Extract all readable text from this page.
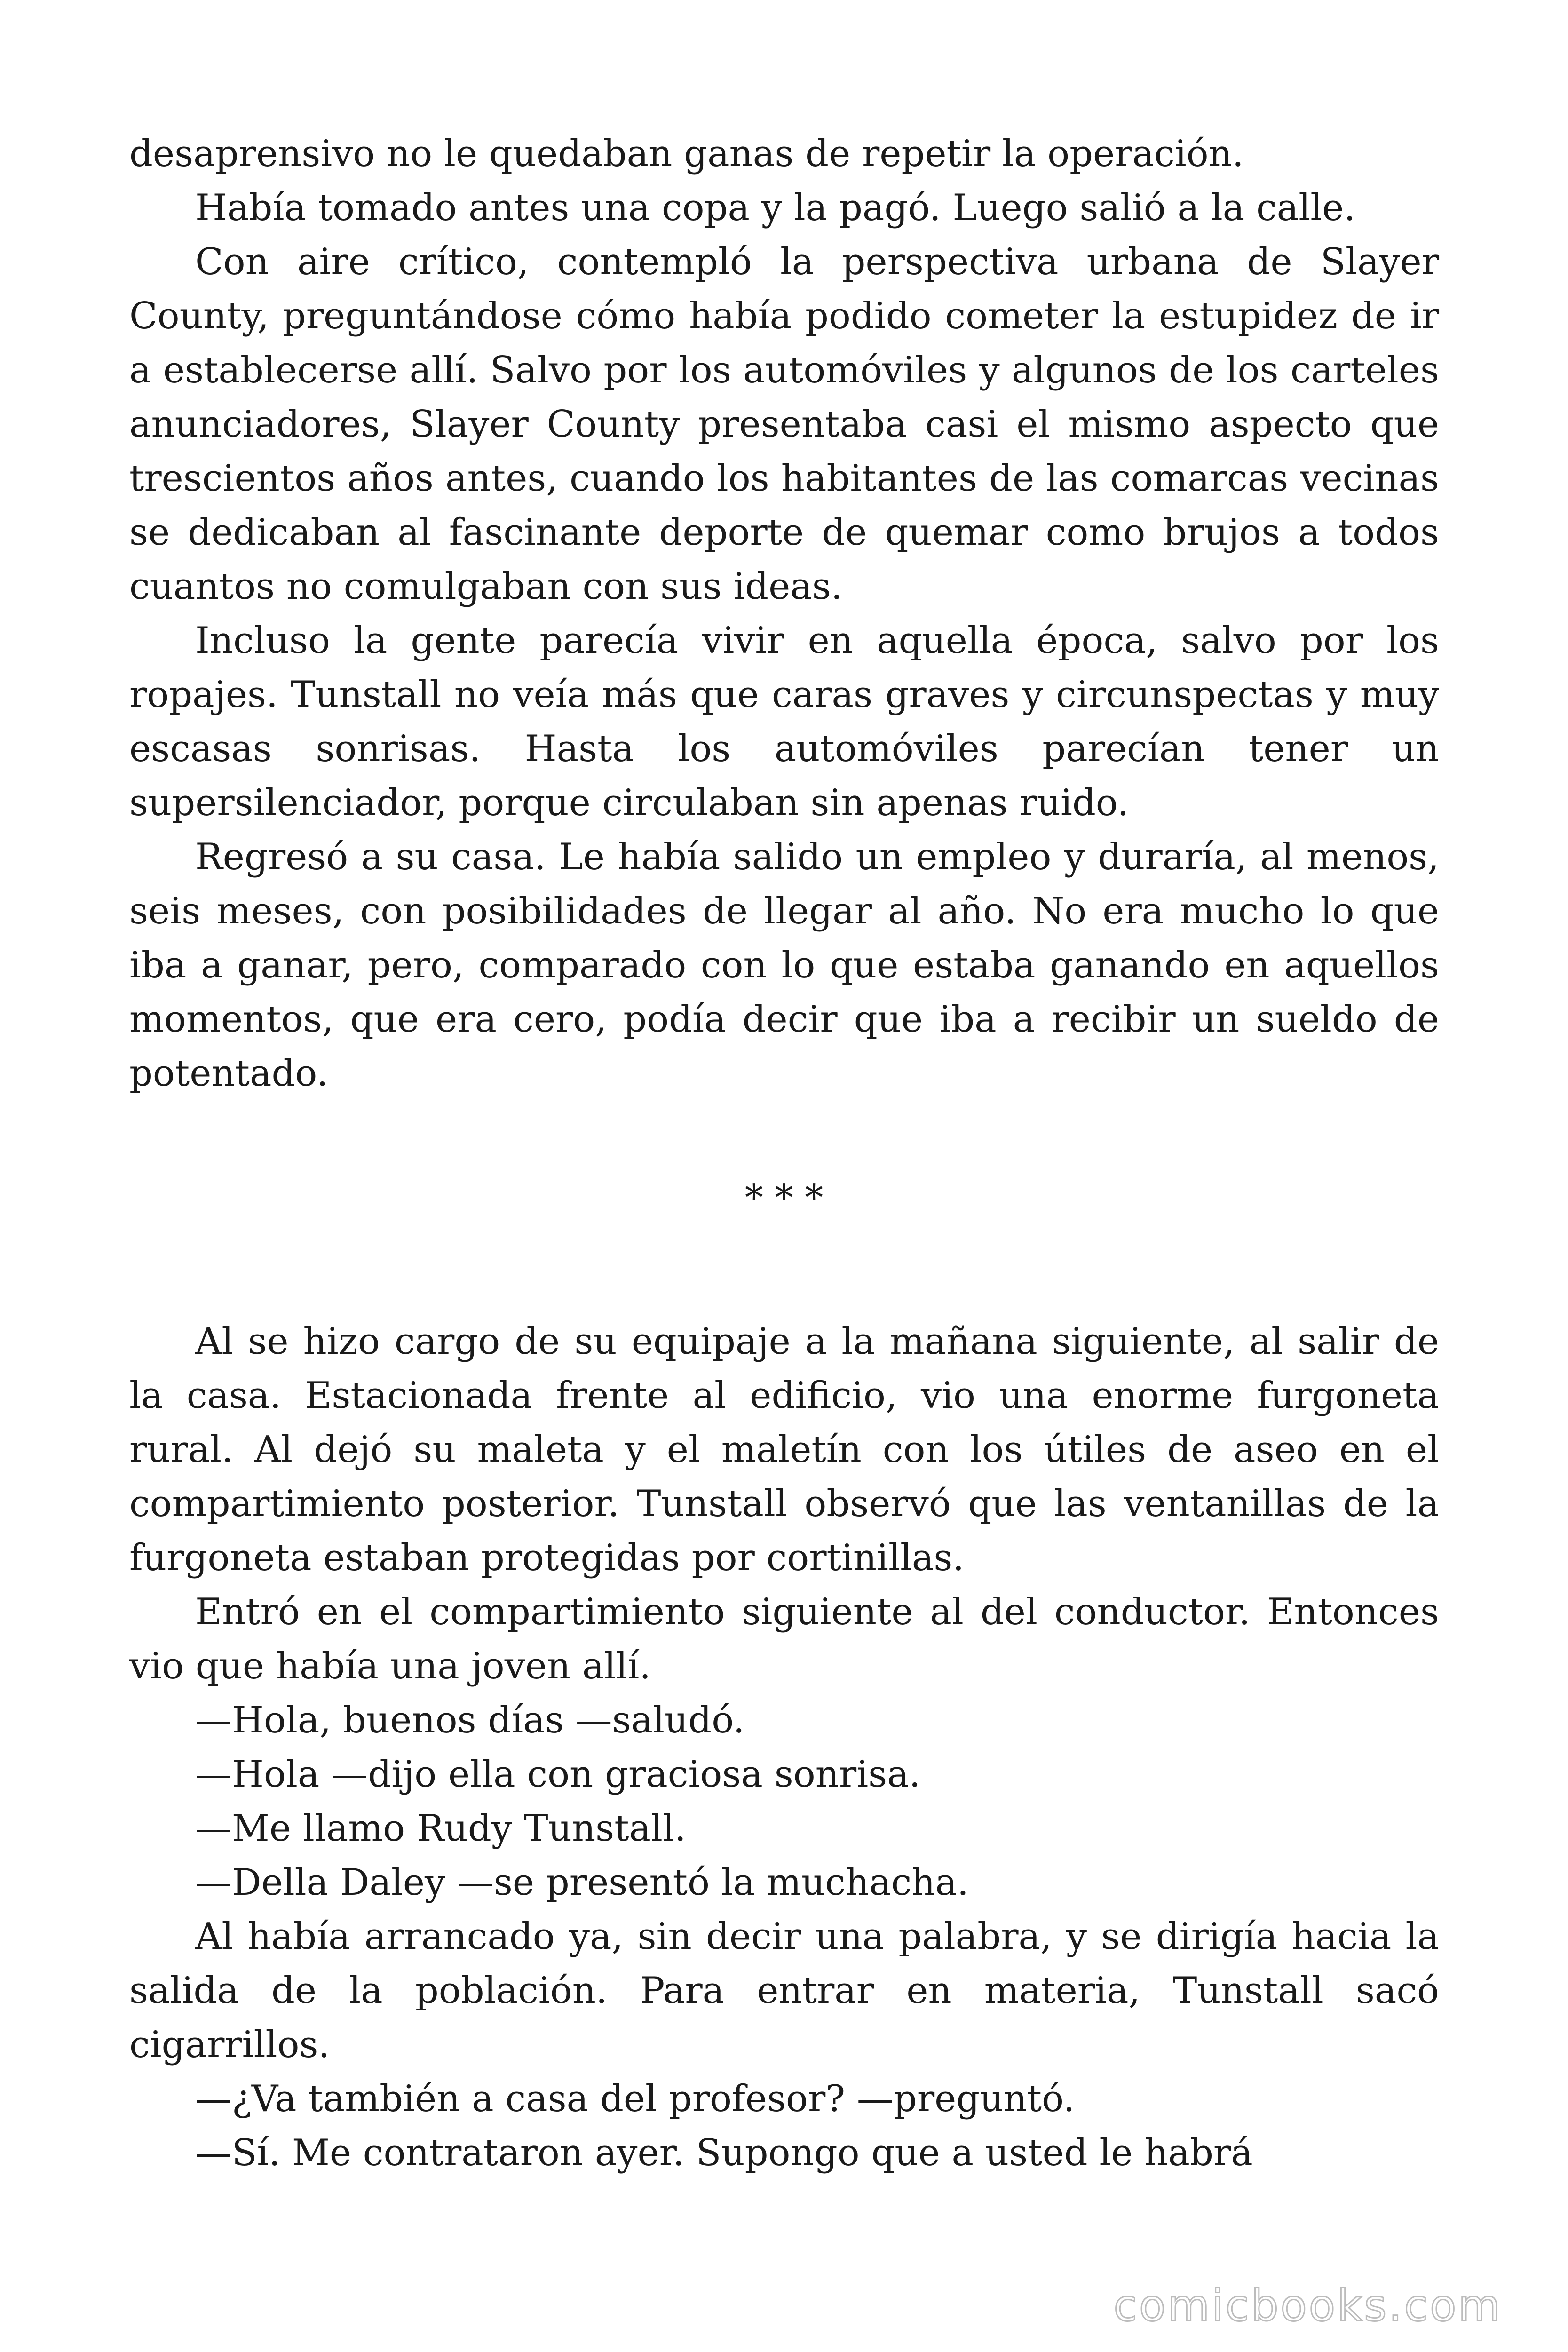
desaprensivo no le quedaban ganas de repetir la operación.

Había tomado antes una copa y la pagó. Luego salió a la calle.

Con aire crítico, contempló la perspectiva urbana de Slayer County, preguntándose cómo había podido cometer la estupidez de ir a establecerse allí. Salvo por los automóviles y algunos de los carteles anunciadores, Slayer County presentaba casi el mismo aspecto que trescientos años antes, cuando los habitantes de las comarcas vecinas se dedicaban al fascinante deporte de quemar como brujos a todos cuantos no comulgaban con sus ideas.

Incluso la gente parecía vivir en aquella época, salvo por los ropajes. Tunstall no veía más que caras graves y circunspectas y muy escasas sonrisas. Hasta los automóviles parecían tener un supersilenciador, porque circulaban sin apenas ruido.

Regresó a su casa. Le había salido un empleo y duraría, al menos, seis meses, con posibilidades de llegar al año. No era mucho lo que iba a ganar, pero, comparado con lo que estaba ganando en aquellos momentos, que era cero, podía decir que iba a recibir un sueldo de potentado.

* * *

Al se hizo cargo de su equipaje a la mañana siguiente, al salir de la casa. Estacionada frente al edificio, vio una enorme furgoneta rural. Al dejó su maleta y el maletín con los útiles de aseo en el compartimiento posterior. Tunstall observó que las ventanillas de la furgoneta estaban protegidas por cortinillas.

Entró en el compartimiento siguiente al del conductor. Entonces vio que había una joven allí.

—Hola, buenos días —saludó.

—Hola —dijo ella con graciosa sonrisa.

—Me llamo Rudy Tunstall.

—Della Daley —se presentó la muchacha.

Al había arrancado ya, sin decir una palabra, y se dirigía hacia la salida de la población. Para entrar en materia, Tunstall sacó cigarrillos.

—¿Va también a casa del profesor? —preguntó.

—Sí. Me contrataron ayer. Supongo que a usted le habrá

comicbooks.com
